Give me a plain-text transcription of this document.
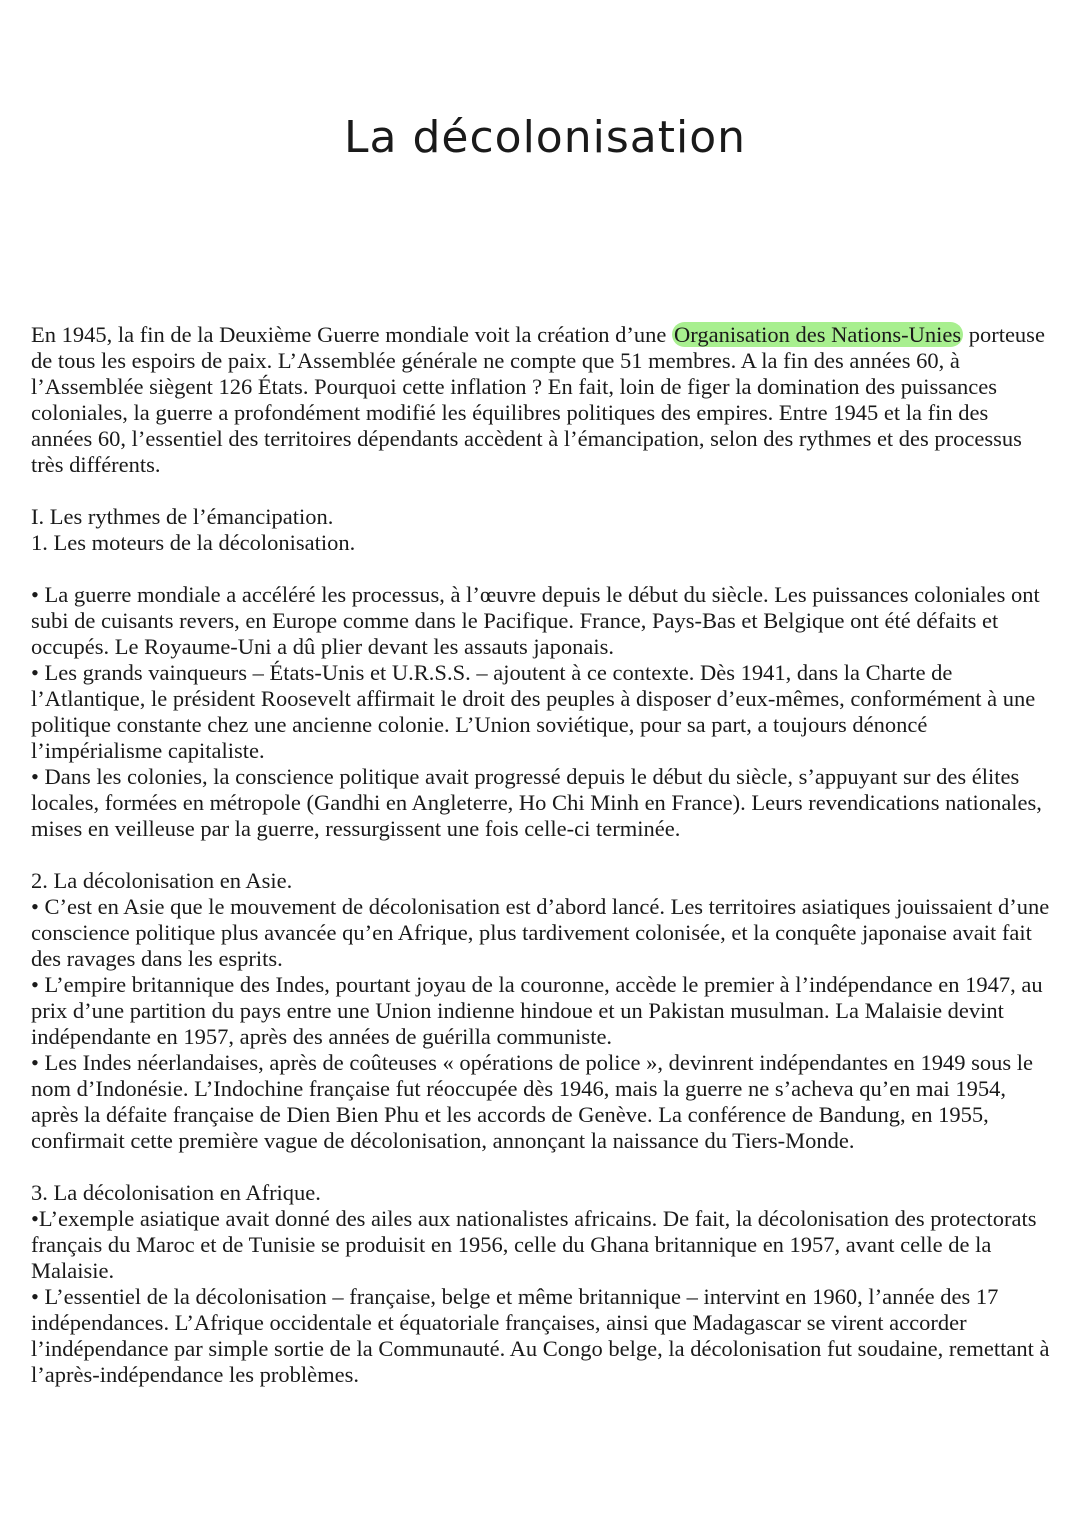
La décolonisation

En 1945, la fin de la Deuxième Guerre mondiale voit la création d’une Organisation des Nations-Unies porteuse de tous les espoirs de paix. L’Assemblée générale ne compte que 51 membres. A la fin des années 60, à l’Assemblée siègent 126 États. Pourquoi cette inflation ? En fait, loin de figer la domination des puissances coloniales, la guerre a profondément modifié les équilibres politiques des empires. Entre 1945 et la fin des années 60, l’essentiel des territoires dépendants accèdent à l’émancipation, selon des rythmes et des processus très différents.

I. Les rythmes de l’émancipation.

1. Les moteurs de la décolonisation.

• La guerre mondiale a accéléré les processus, à l’œuvre depuis le début du siècle. Les puissances coloniales ont subi de cuisants revers, en Europe comme dans le Pacifique. France, Pays-Bas et Belgique ont été défaits et occupés. Le Royaume-Uni a dû plier devant les assauts japonais.

• Les grands vainqueurs – États-Unis et U.R.S.S. – ajoutent à ce contexte. Dès 1941, dans la Charte de l’Atlantique, le président Roosevelt affirmait le droit des peuples à disposer d’eux-mêmes, conformément à une politique constante chez une ancienne colonie. L’Union soviétique, pour sa part, a toujours dénoncé l’impérialisme capitaliste.

• Dans les colonies, la conscience politique avait progressé depuis le début du siècle, s’appuyant sur des élites locales, formées en métropole (Gandhi en Angleterre, Ho Chi Minh en France). Leurs revendications nationales, mises en veilleuse par la guerre, ressurgissent une fois celle-ci terminée.

2. La décolonisation en Asie.

• C’est en Asie que le mouvement de décolonisation est d’abord lancé. Les territoires asiatiques jouissaient d’une conscience politique plus avancée qu’en Afrique, plus tardivement colonisée, et la conquête japonaise avait fait des ravages dans les esprits.

• L’empire britannique des Indes, pourtant joyau de la couronne, accède le premier à l’indépendance en 1947, au prix d’une partition du pays entre une Union indienne hindoue et un Pakistan musulman. La Malaisie devint indépendante en 1957, après des années de guérilla communiste.

• Les Indes néerlandaises, après de coûteuses « opérations de police », devinrent indépendantes en 1949 sous le nom d’Indonésie. L’Indochine française fut réoccupée dès 1946, mais la guerre ne s’acheva qu’en mai 1954, après la défaite française de Dien Bien Phu et les accords de Genève. La conférence de Bandung, en 1955, confirmait cette première vague de décolonisation, annonçant la naissance du Tiers-Monde.

3. La décolonisation en Afrique.

•L’exemple asiatique avait donné des ailes aux nationalistes africains. De fait, la décolonisation des protectorats français du Maroc et de Tunisie se produisit en 1956, celle du Ghana britannique en 1957, avant celle de la Malaisie.

• L’essentiel de la décolonisation – française, belge et même britannique – intervint en 1960, l’année des 17 indépendances. L’Afrique occidentale et équatoriale françaises, ainsi que Madagascar se virent accorder l’indépendance par simple sortie de la Communauté. Au Congo belge, la décolonisation fut soudaine, remettant à l’après-indépendance les problèmes.
